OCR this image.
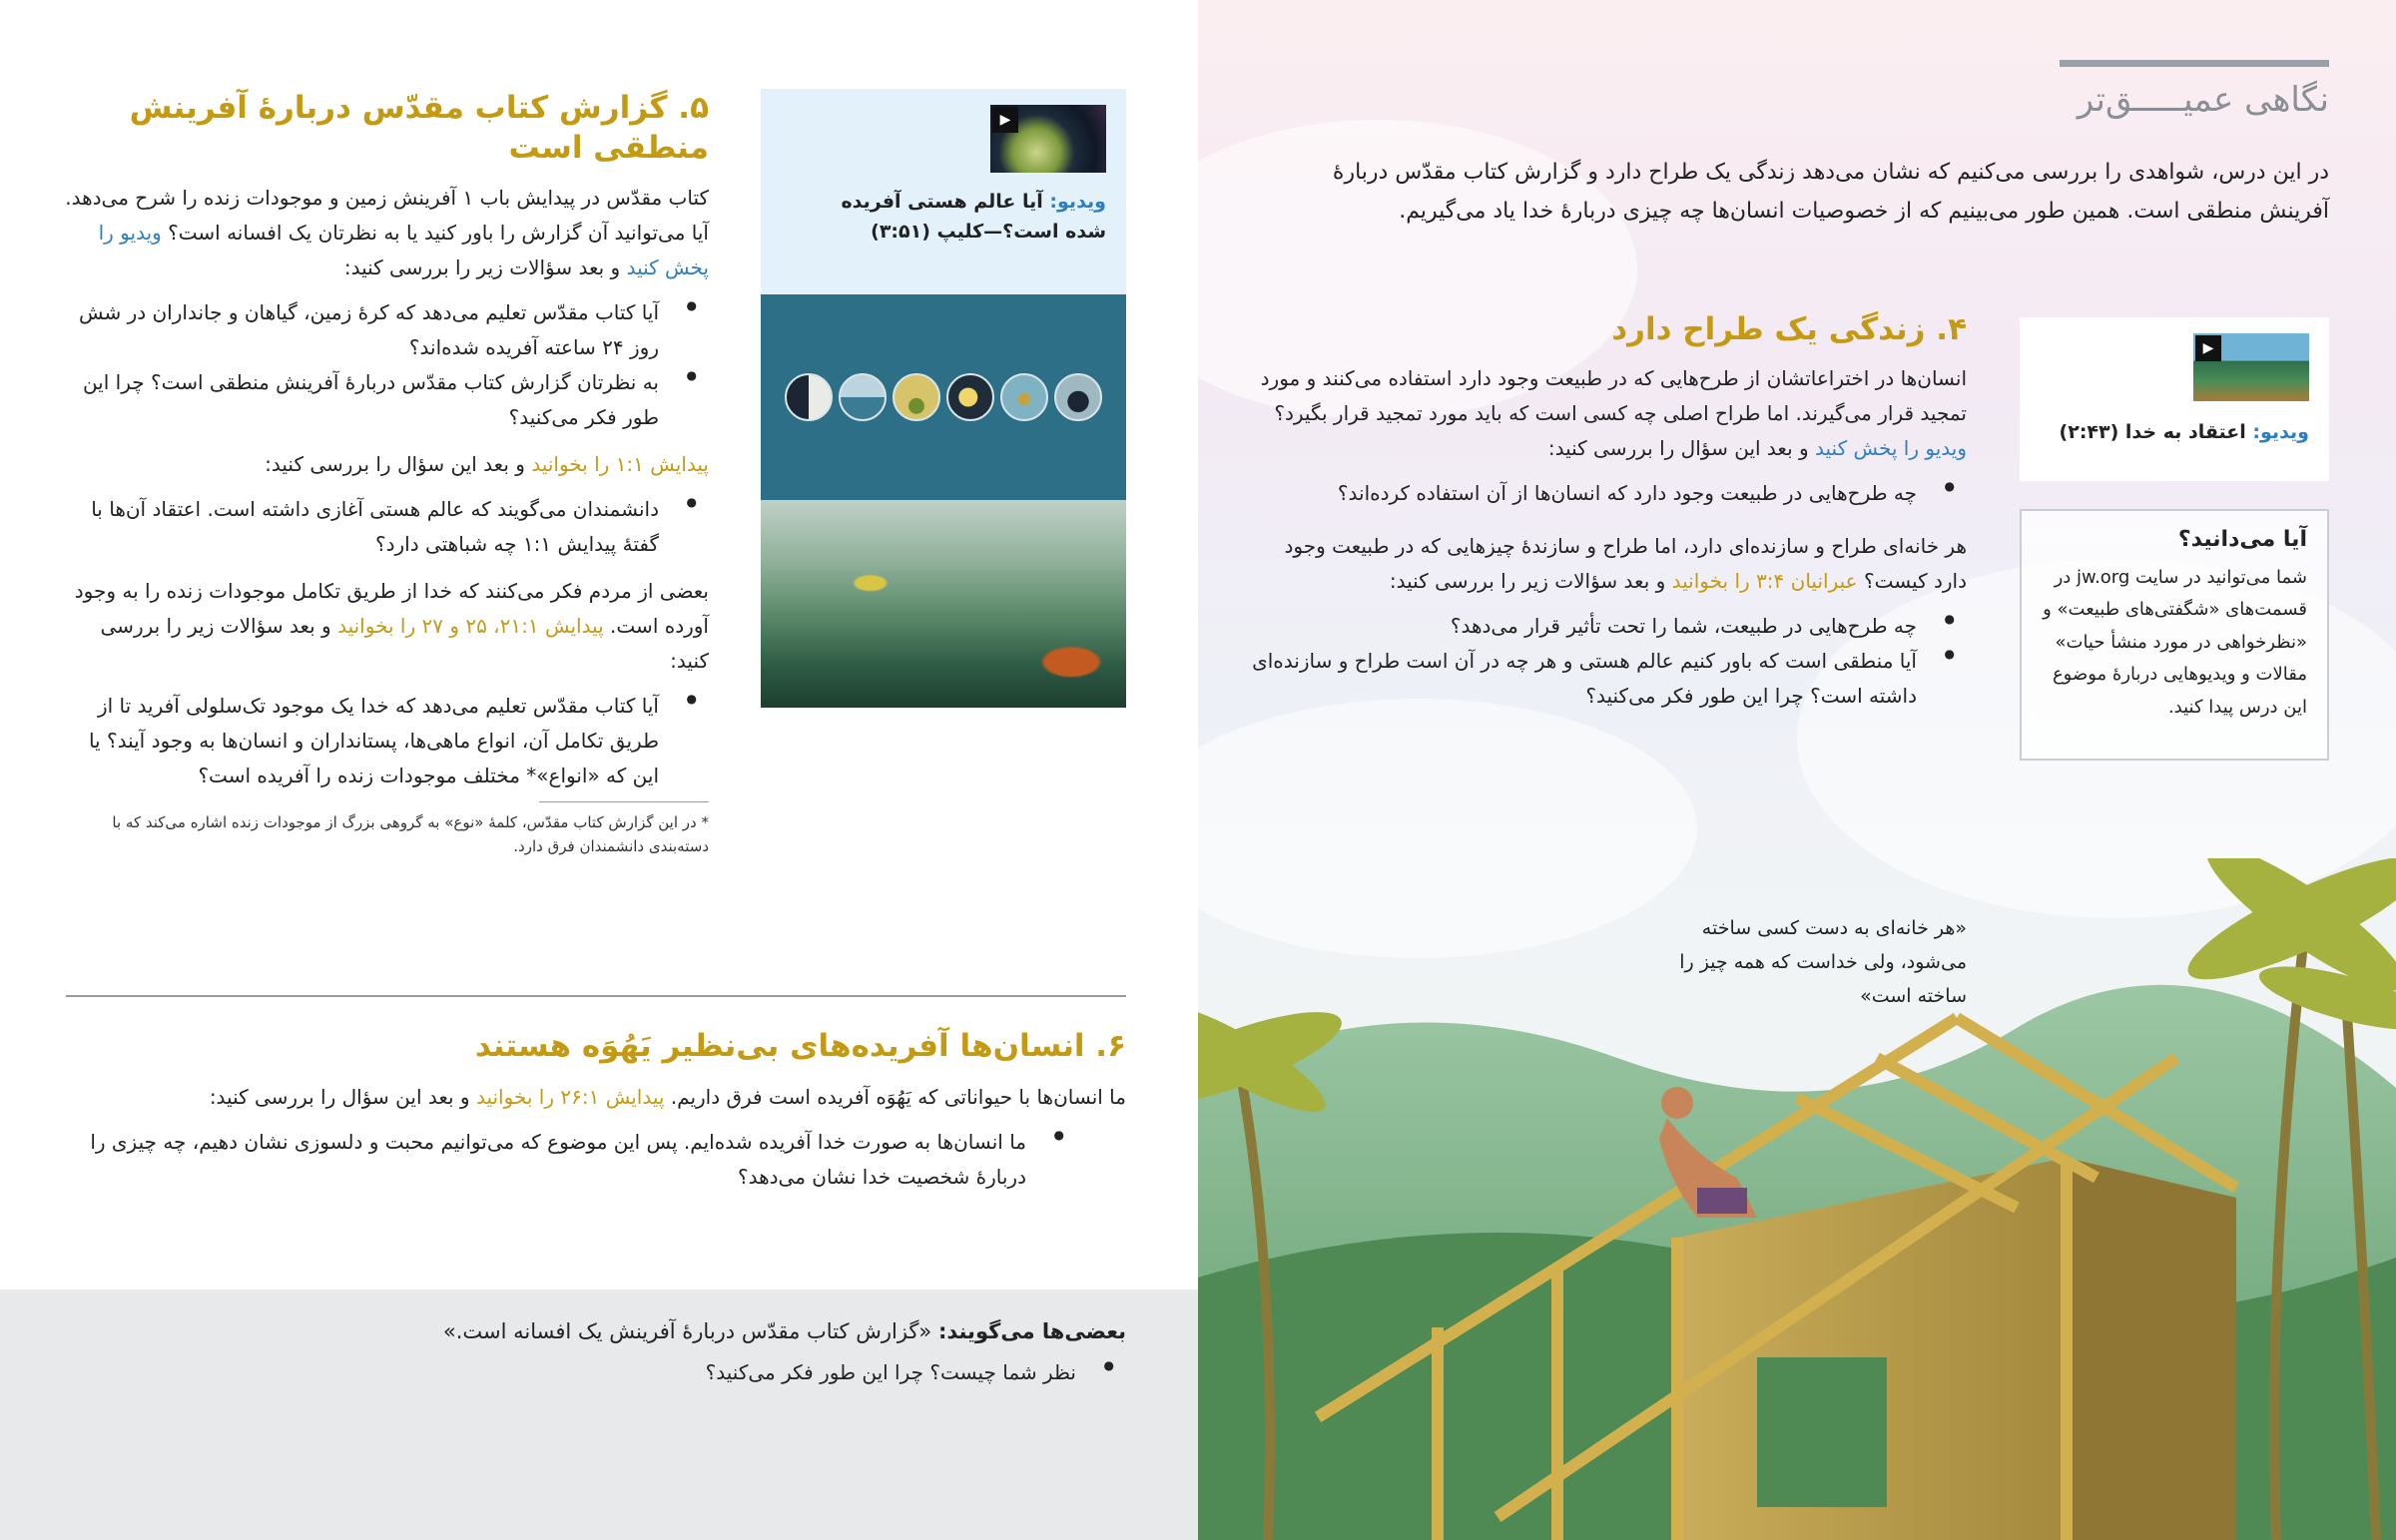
۵. گزارش کتاب مقدّس دربارهٔ آفرینش منطقی است

کتاب مقدّس در پیدایش باب ۱ آفرینش زمین و موجودات زنده را شرح می‌دهد. آیا می‌توانید آن گزارش را باور کنید یا به نظرتان یک افسانه است؟ ویدیو را پخش کنید و بعد سؤالات زیر را بررسی کنید:

● آیا کتاب مقدّس تعلیم می‌دهد که کرهٔ زمین، گیاهان و جانداران در شش روز ۲۴ ساعته آفریده شده‌اند؟
● به نظرتان گزارش کتاب مقدّس دربارهٔ آفرینش منطقی است؟ چرا این طور فکر می‌کنید؟

پیدایش ۱:۱ را بخوانید و بعد این سؤال را بررسی کنید:

● دانشمندان می‌گویند که عالم هستی آغازی داشته است. اعتقاد آن‌ها با گفتهٔ پیدایش ۱:۱ چه شباهتی دارد؟

بعضی از مردم فکر می‌کنند که خدا از طریق تکامل موجودات زنده را به وجود آورده است. پیدایش ۱:‏۲۱، ۲۵ و ۲۷ را بخوانید و بعد سؤالات زیر را بررسی کنید:

● آیا کتاب مقدّس تعلیم می‌دهد که خدا یک موجود تک‌سلولی آفرید تا از طریق تکامل آن، انواع ماهی‌ها، پستانداران و انسان‌ها به وجود آیند؟ یا این که «انواع»* مختلف موجودات زنده را آفریده است؟

* در این گزارش کتاب مقدّس، کلمهٔ «نوع» به گروهی بزرگ از موجودات زنده اشاره می‌کند که با دسته‌بندی دانشمندان فرق دارد.

▶
ویدیو: آیا عالم هستی آفریده شده است؟—کلیپ (۳:۵۱)
۶. انسان‌ها آفریده‌های بی‌نظیر یَهُوَه هستند

ما انسان‌ها با حیواناتی که یَهُوَه آفریده است فرق داریم. پیدایش ۱:‏۲۶ را بخوانید و بعد این سؤال را بررسی کنید:

● ما انسان‌ها به صورت خدا آفریده شده‌ایم. پس این موضوع که می‌توانیم محبت و دلسوزی نشان دهیم، چه چیزی را دربارهٔ شخصیت خدا نشان می‌دهد؟

بعضی‌ها می‌گویند: «گزارش کتاب مقدّس دربارهٔ آفرینش یک افسانه است.»

● نظر شما چیست؟ چرا این طور فکر می‌کنید؟
نگاهی عمیـــــق‌تر

در این درس، شواهدی را بررسی می‌کنیم که نشان می‌دهد زندگی یک طراح دارد و گزارش کتاب مقدّس دربارهٔ آفرینش منطقی است. همین طور می‌بینیم که از خصوصیات انسان‌ها چه چیزی دربارهٔ خدا یاد می‌گیریم.

۴. زندگی یک طراح دارد

انسان‌ها در اختراعاتشان از طرح‌هایی که در طبیعت وجود دارد استفاده می‌کنند و مورد تمجید قرار می‌گیرند. اما طراح اصلی چه کسی است که باید مورد تمجید قرار بگیرد؟ ویدیو را پخش کنید و بعد این سؤال را بررسی کنید:

● چه طرح‌هایی در طبیعت وجود دارد که انسان‌ها از آن استفاده کرده‌اند؟

هر خانه‌ای طراح و سازنده‌ای دارد، اما طراح و سازندهٔ چیزهایی که در طبیعت وجود دارد کیست؟ عبرانیان ۳:۴ را بخوانید و بعد سؤالات زیر را بررسی کنید:

● چه طرح‌هایی در طبیعت، شما را تحت تأثیر قرار می‌دهد؟
● آیا منطقی است که باور کنیم عالم هستی و هر چه در آن است طراح و سازنده‌ای داشته است؟ چرا این طور فکر می‌کنید؟
▶
ویدیو: اعتقاد به خدا (۲:۴۳)
آیا می‌دانید؟

شما می‌توانید در سایت jw.org در قسمت‌های «شگفتی‌های طبیعت» و «نظرخواهی در مورد منشأ حیات» مقالات و ویدیوهایی دربارهٔ موضوع این درس پیدا کنید.

«هر خانه‌ای به دست کسی ساخته می‌شود، ولی خداست که همه چیز را ساخته است»
